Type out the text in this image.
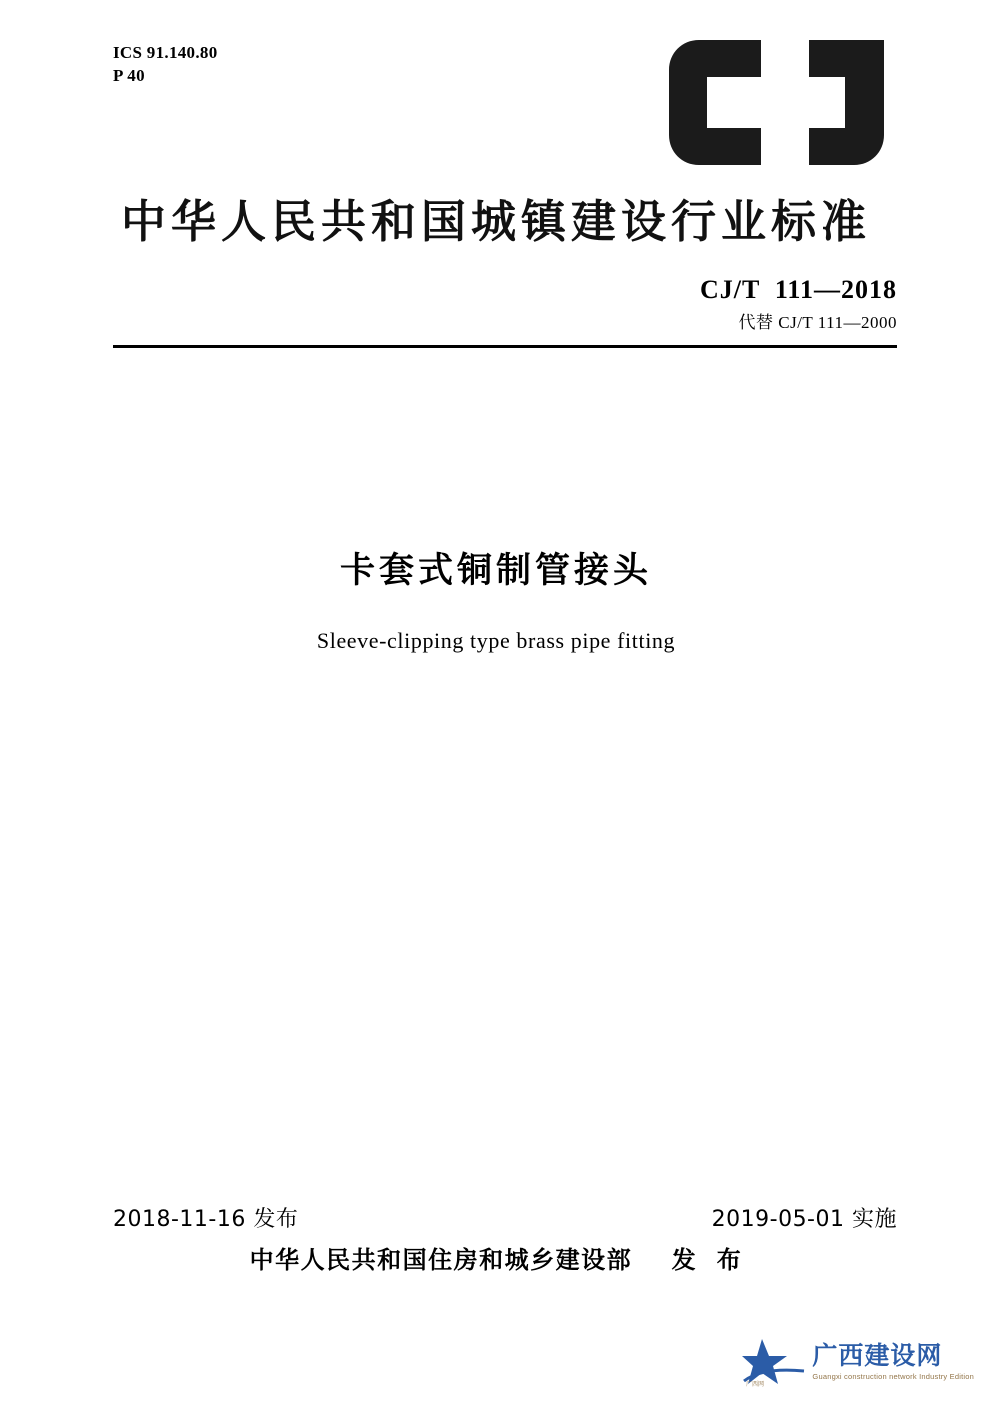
ICS 91.140.80
P 40
中华人民共和国城镇建设行业标准
CJ/T  111—2018
代替 CJ/T 111—2000
卡套式铜制管接头
Sleeve-clipping type brass pipe fitting
2018-11-16 发布	2019-05-01 实施
中华人民共和国住房和城乡建设部    发  布
广西网
广西建设网
Guangxi construction network Industry Edition
